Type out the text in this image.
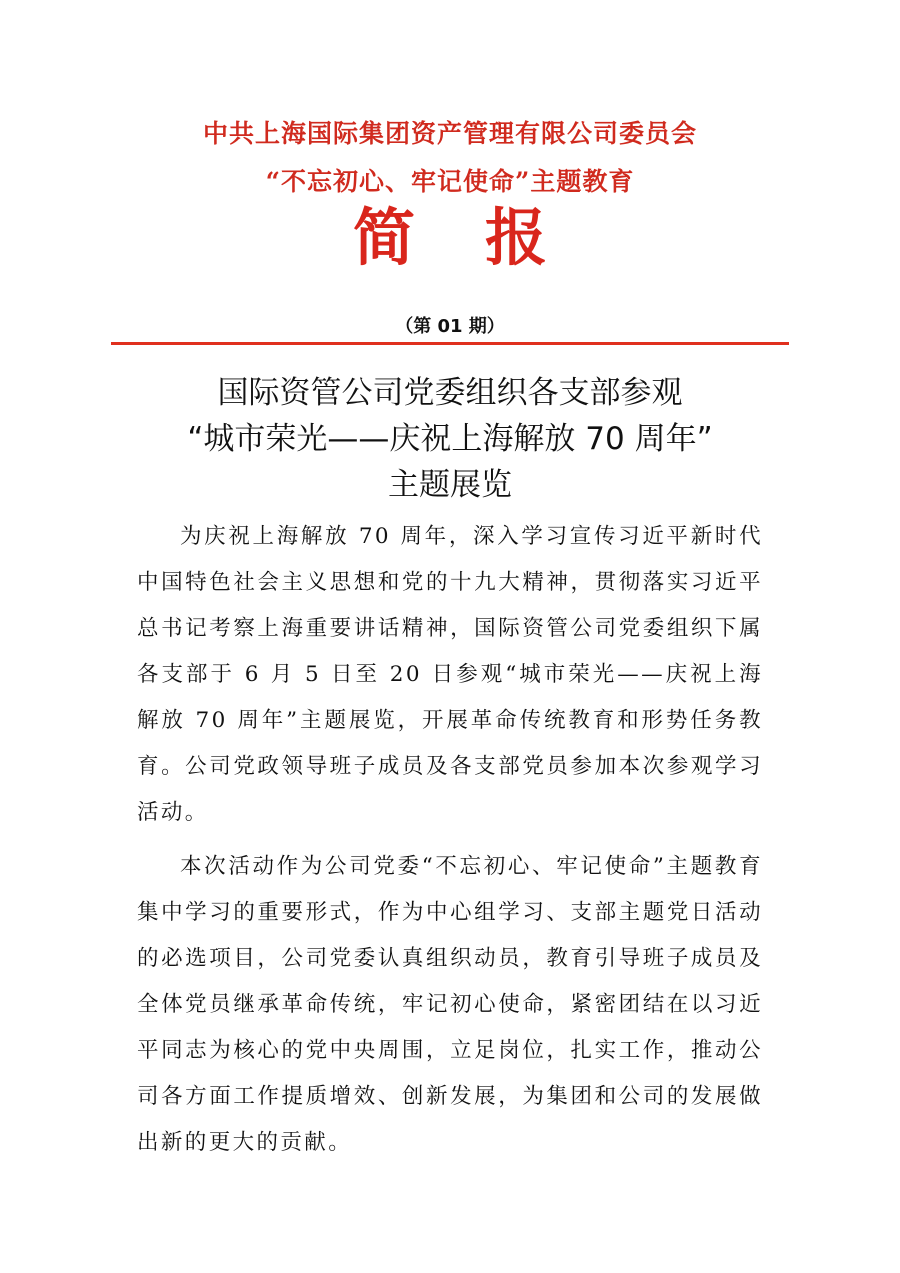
中共上海国际集团资产管理有限公司委员会
“不忘初心、牢记使命”主题教育
简 报
（第 01 期）
国际资管公司党委组织各支部参观
“城市荣光——庆祝上海解放 70 周年”
主题展览

为庆祝上海解放 70 周年，深入学习宣传习近平新时代中国特色社会主义思想和党的十九大精神，贯彻落实习近平总书记考察上海重要讲话精神，国际资管公司党委组织下属各支部于 6 月 5 日至 20 日参观“城市荣光——庆祝上海解放 70 周年”主题展览，开展革命传统教育和形势任务教育。公司党政领导班子成员及各支部党员参加本次参观学习活动。

本次活动作为公司党委“不忘初心、牢记使命”主题教育集中学习的重要形式，作为中心组学习、支部主题党日活动的必选项目，公司党委认真组织动员，教育引导班子成员及全体党员继承革命传统，牢记初心使命，紧密团结在以习近平同志为核心的党中央周围，立足岗位，扎实工作，推动公司各方面工作提质增效、创新发展，为集团和公司的发展做出新的更大的贡献。
